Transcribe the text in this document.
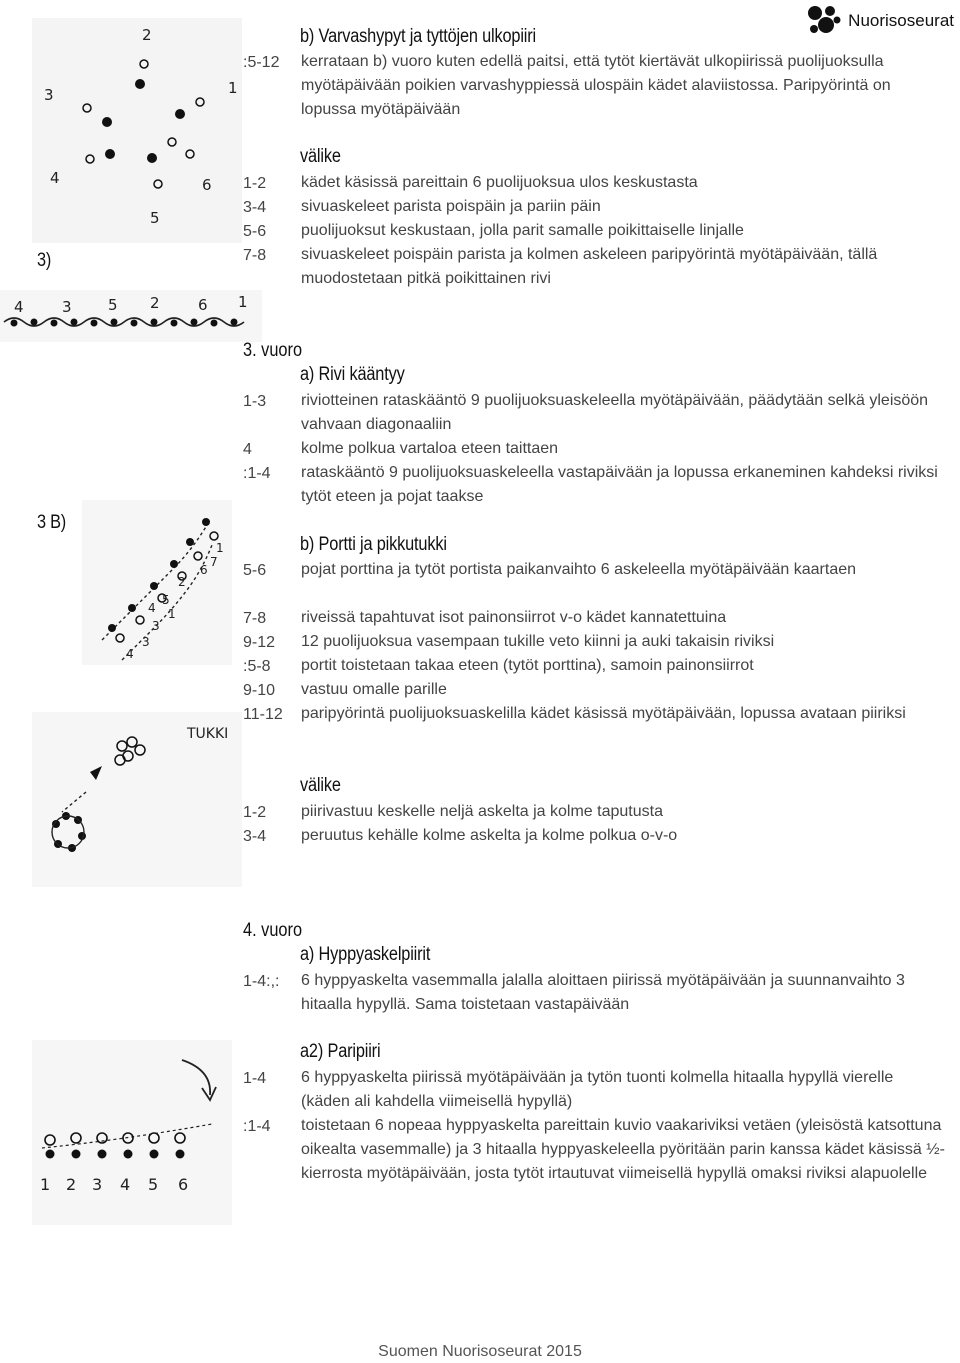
Nuorisoseurat
3)
3 B)
2
3	1
4	6
5
4	3 5 2	6 1
1
3
6
4
5
2
7
3
1
4
TUKKI
1 2 3 4 5 6
b) Varvashypyt ja tyttöjen ulkopiiri
:5-12 kerrataan b) vuoro kuten edellä paitsi, että tytöt kiertävät ulkopiirissä puolijuoksulla myötäpäivään poikien varvashyppiessä ulospäin kädet alaviistossa. Paripyörintä on lopussa myötäpäivään
välike
1-2 kädet käsissä pareittain 6 puolijuoksua ulos keskustasta
3-4 sivuaskeleet parista poispäin ja pariin päin
5-6 puolijuoksut keskustaan, jolla parit samalle poikittaiselle linjalle
7-8 sivuaskeleet poispäin parista ja kolmen askeleen paripyörintä myötäpäivään, tällä muodostetaan pitkä poikittainen rivi
3. vuoro
a) Rivi kääntyy
1-3 riviotteinen rataskääntö 9 puolijuoksuaskeleella myötäpäivään, päädytään selkä yleisöön vahvaan diagonaaliin
4	kolme polkua vartaloa eteen taittaen
:1-4 rataskääntö 9 puolijuoksuaskeleella vastapäivään ja lopussa erkaneminen kahdeksi riviksi tytöt eteen ja pojat taakse
b) Portti ja pikkutukki
5-6 pojat porttina ja tytöt portista paikanvaihto 6 askeleella myötäpäivään kaartaen
7-8 riveissä tapahtuvat isot painonsiirrot v-o kädet kannatettuina
9-12 12 puolijuoksua vasempaan tukille veto kiinni ja auki takaisin riviksi
:5-8 portit toistetaan takaa eteen (tytöt porttina), samoin painonsiirrot
9-10 vastuu omalle parille
11-12 paripyörintä puolijuoksuaskelilla kädet käsissä myötäpäivään, lopussa avataan piiriksi
välike
1-2 piirivastuu keskelle neljä askelta ja kolme taputusta
3-4 peruutus kehälle kolme askelta ja kolme polkua o-v-o
4. vuoro
a) Hyppyaskelpiirit
1-4:,: 6 hyppyaskelta vasemmalla jalalla aloittaen piirissä myötäpäivään ja suunnanvaihto 3 hitaalla hypyllä. Sama toistetaan vastapäivään
a2) Paripiiri
1-4 6 hyppyaskelta piirissä myötäpäivään ja tytön tuonti kolmella hitaalla hypyllä vierelle (käden ali kahdella viimeisellä hypyllä)
:1-4 toistetaan 6 nopeaa hyppyaskelta pareittain kuvio vaakariviksi vetäen (yleisöstä katsottuna oikealta vasemmalle) ja 3 hitaalla hyppyaskeleella pyöritään parin kanssa kädet käsissä ½-kierrosta myötäpäivään, josta tytöt irtautuvat viimeisellä hypyllä omaksi riviksi alapuolelle
Suomen Nuorisoseurat 2015
